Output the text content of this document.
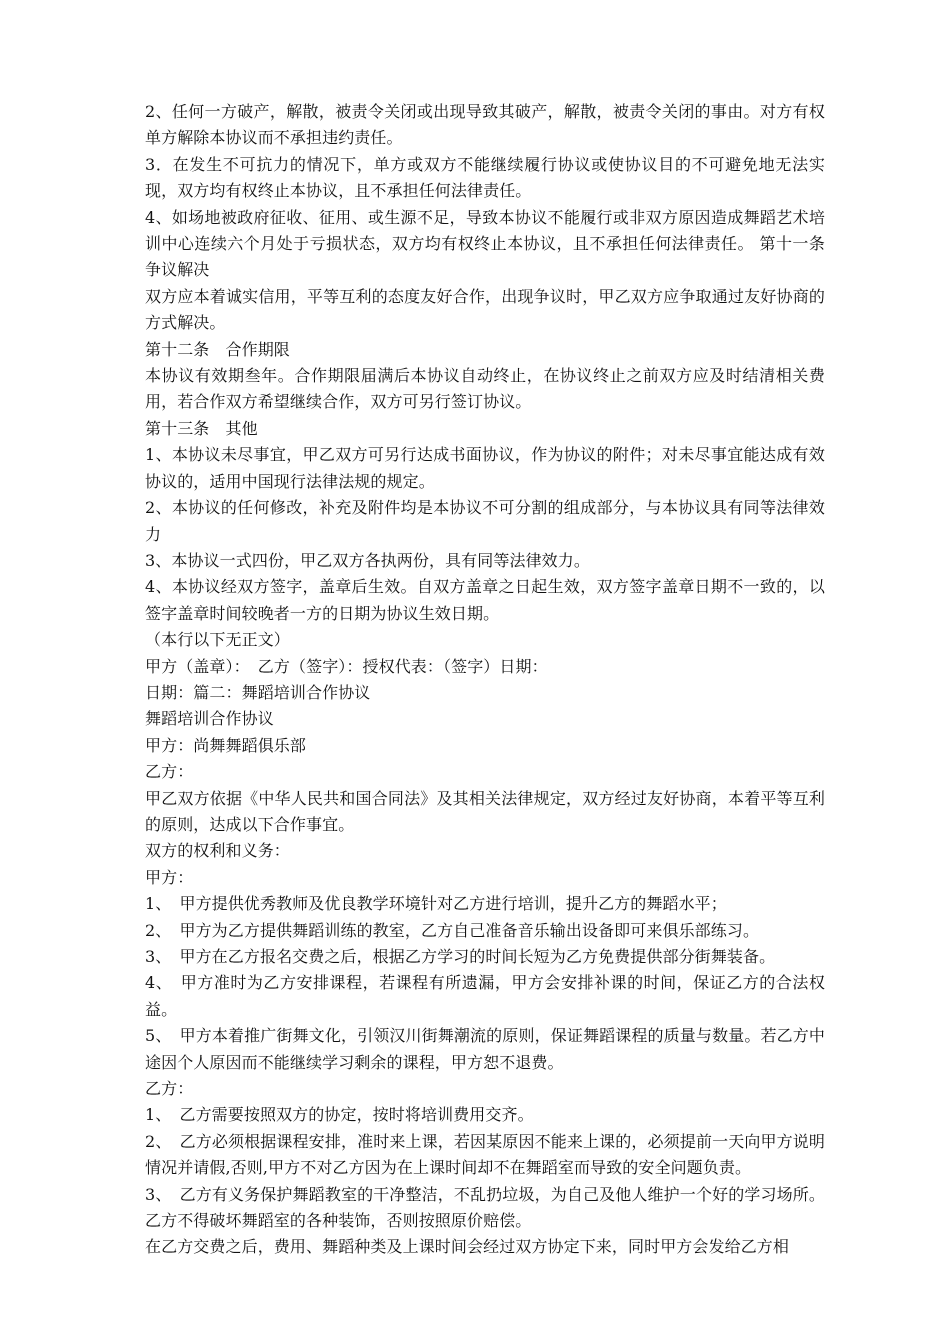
2、任何一方破产，解散，被责令关闭或出现导致其破产，解散，被责令关闭的事由。对方有权单方解除本协议而不承担违约责任。

3．在发生不可抗力的情况下，单方或双方不能继续履行协议或使协议目的不可避免地无法实现，双方均有权终止本协议，且不承担任何法律责任。

4、如场地被政府征收、征用、或生源不足，导致本协议不能履行或非双方原因造成舞蹈艺术培训中心连续六个月处于亏损状态，双方均有权终止本协议，且不承担任何法律责任。 第十一条争议解决

双方应本着诚实信用，平等互利的态度友好合作，出现争议时，甲乙双方应争取通过友好协商的方式解决。

第十二条　合作期限

本协议有效期叁年。合作期限届满后本协议自动终止，在协议终止之前双方应及时结清相关费用，若合作双方希望继续合作，双方可另行签订协议。

第十三条　其他

1、本协议未尽事宜，甲乙双方可另行达成书面协议，作为协议的附件；对未尽事宜能达成有效协议的，适用中国现行法律法规的规定。

2、本协议的任何修改，补充及附件均是本协议不可分割的组成部分，与本协议具有同等法律效力

3、本协议一式四份，甲乙双方各执两份，具有同等法律效力。

4、本协议经双方签字，盖章后生效。自双方盖章之日起生效，双方签字盖章日期不一致的，以签字盖章时间较晚者一方的日期为协议生效日期。

（本行以下无正文）

甲方（盖章）：　乙方（签字）：授权代表：（签字）日期：

日期：篇二：舞蹈培训合作协议

舞蹈培训合作协议

甲方：尚舞舞蹈俱乐部

乙方：

甲乙双方依据《中华人民共和国合同法》及其相关法律规定，双方经过友好协商，本着平等互利的原则，达成以下合作事宜。

双方的权利和义务：

甲方：

1、　甲方提供优秀教师及优良教学环境针对乙方进行培训，提升乙方的舞蹈水平；

2、　甲方为乙方提供舞蹈训练的教室，乙方自己准备音乐输出设备即可来俱乐部练习。

3、　甲方在乙方报名交费之后，根据乙方学习的时间长短为乙方免费提供部分街舞装备。

4、　甲方准时为乙方安排课程，若课程有所遗漏，甲方会安排补课的时间，保证乙方的合法权益。

5、　甲方本着推广街舞文化，引领汉川街舞潮流的原则，保证舞蹈课程的质量与数量。若乙方中途因个人原因而不能继续学习剩余的课程，甲方恕不退费。

乙方：

1、　乙方需要按照双方的协定，按时将培训费用交齐。

2、　乙方必须根据课程安排，准时来上课，若因某原因不能来上课的，必须提前一天向甲方说明情况并请假,否则,甲方不对乙方因为在上课时间却不在舞蹈室而导致的安全问题负责。

3、　乙方有义务保护舞蹈教室的干净整洁，不乱扔垃圾，为自己及他人维护一个好的学习场所。乙方不得破坏舞蹈室的各种装饰，否则按照原价赔偿。

在乙方交费之后，费用、舞蹈种类及上课时间会经过双方协定下来，同时甲方会发给乙方相
